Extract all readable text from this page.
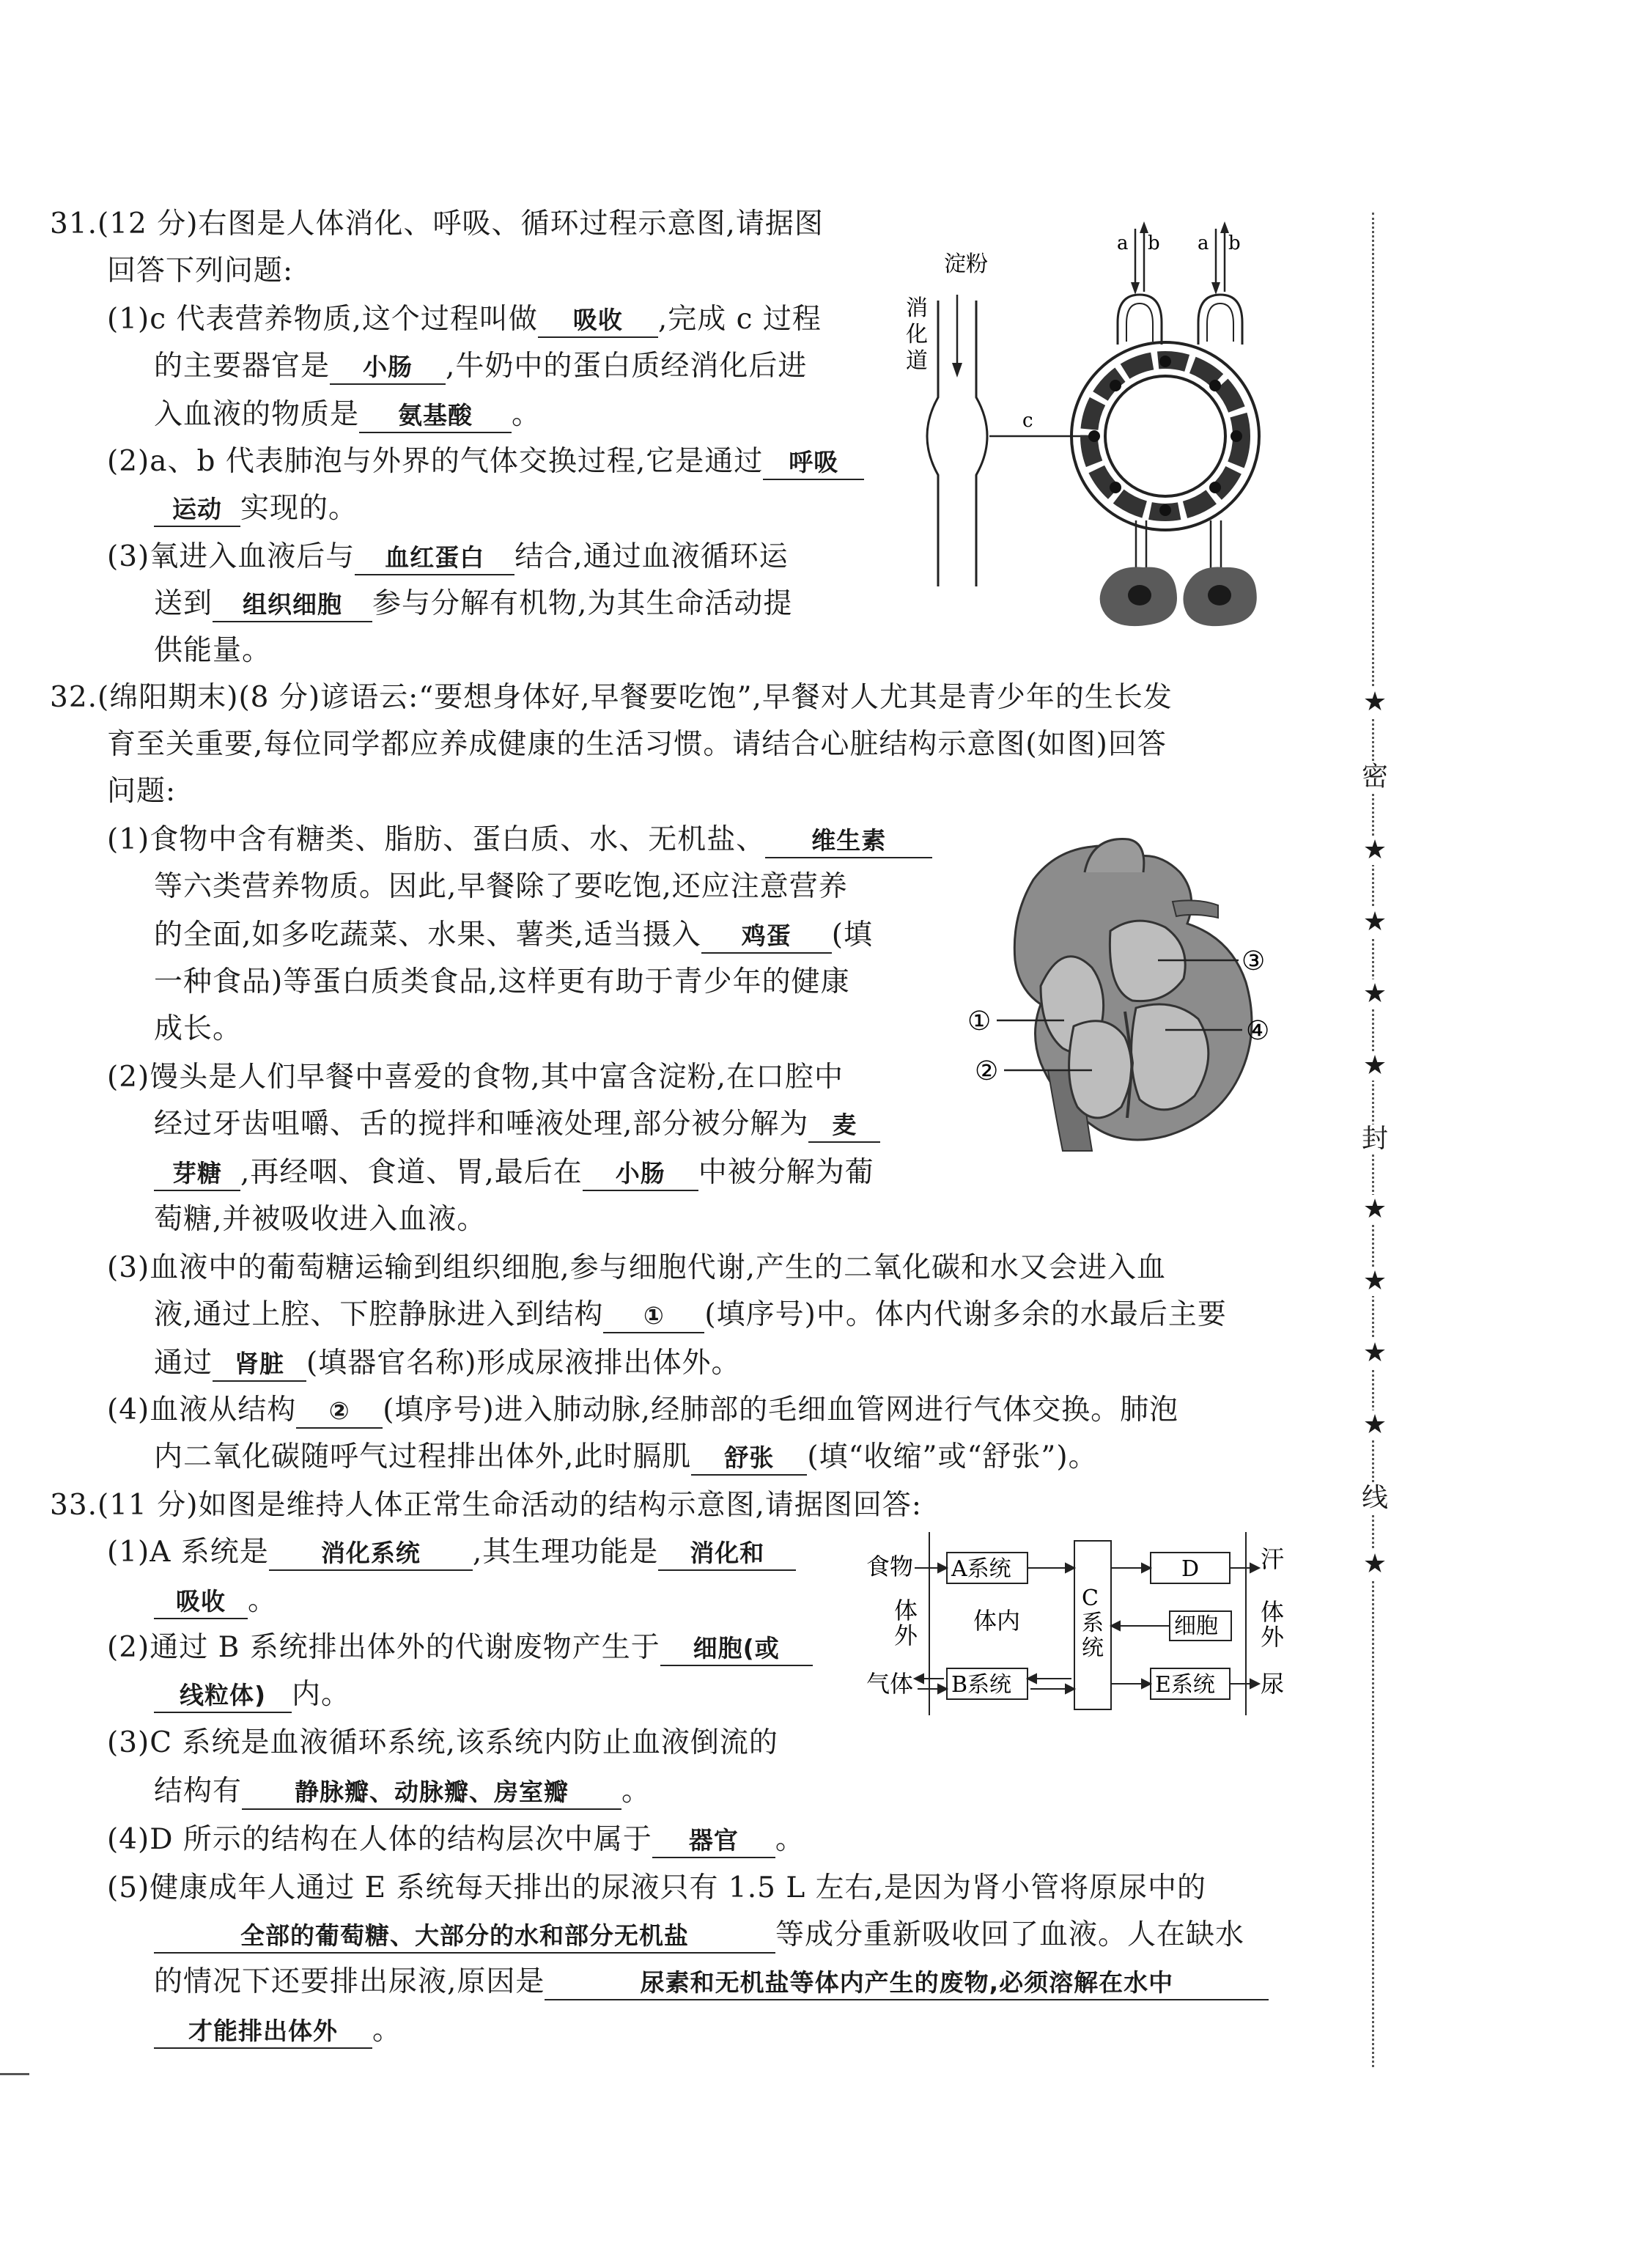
31.(12 分)右图是人体消化、呼吸、循环过程示意图,请据图
回答下列问题:
(1)c 代表营养物质,这个过程叫做 吸收 ,完成 c 过程
的主要器官是 小肠 ,牛奶中的蛋白质经消化后进
入血液的物质是 氨基酸 。
(2)a、b 代表肺泡与外界的气体交换过程,它是通过 呼吸
运动 实现的。
(3)氧进入血液后与 血红蛋白 结合,通过血液循环运
送到 组织细胞 参与分解有机物,为其生命活动提
供能量。
淀粉
消
化
道
c
a b a b
32.(绵阳期末)(8 分)谚语云:“要想身体好,早餐要吃饱”,早餐对人尤其是青少年的生长发
育至关重要,每位同学都应养成健康的生活习惯。请结合心脏结构示意图(如图)回答
问题:
(1)食物中含有糖类、脂肪、蛋白质、水、无机盐、 维生素
等六类营养物质。因此,早餐除了要吃饱,还应注意营养
的全面,如多吃蔬菜、水果、薯类,适当摄入 鸡蛋 (填
一种食品)等蛋白质类食品,这样更有助于青少年的健康
成长。
(2)馒头是人们早餐中喜爱的食物,其中富含淀粉,在口腔中
经过牙齿咀嚼、舌的搅拌和唾液处理,部分被分解为 麦
芽糖 ,再经咽、食道、胃,最后在 小肠 中被分解为葡
萄糖,并被吸收进入血液。
(3)血液中的葡萄糖运输到组织细胞,参与细胞代谢,产生的二氧化碳和水又会进入血
液,通过上腔、下腔静脉进入到结构 ① (填序号)中。体内代谢多余的水最后主要
通过 肾脏 (填器官名称)形成尿液排出体外。
(4)血液从结构 ② (填序号)进入肺动脉,经肺部的毛细血管网进行气体交换。肺泡
内二氧化碳随呼气过程排出体外,此时膈肌 舒张 (填“收缩”或“舒张”)。
①
②
③
④
33.(11 分)如图是维持人体正常生命活动的结构示意图,请据图回答:
(1)A 系统是 消化系统 ,其生理功能是 消化和
吸收 。
(2)通过 B 系统排出体外的代谢废物产生于 细胞(或
线粒体) 内。
(3)C 系统是血液循环系统,该系统内防止血液倒流的
结构有 静脉瓣、动脉瓣、房室瓣 。
(4)D 所示的结构在人体的结构层次中属于 器官 。
(5)健康成年人通过 E 系统每天排出的尿液只有 1.5 L 左右,是因为肾小管将原尿中的
全部的葡萄糖、大部分的水和部分无机盐	等成分重新吸收回了血液。人在缺水
的情况下还要排出尿液,原因是	尿素和无机盐等体内产生的废物,必须溶解在水中
才能排出体外 。
食物
气体
体
外
体内
A系统
B系统
C
系
统
D
细胞
E系统
汗
体
外
尿
★
密
★
★
★
★
封
★
★
★
★
线
★
